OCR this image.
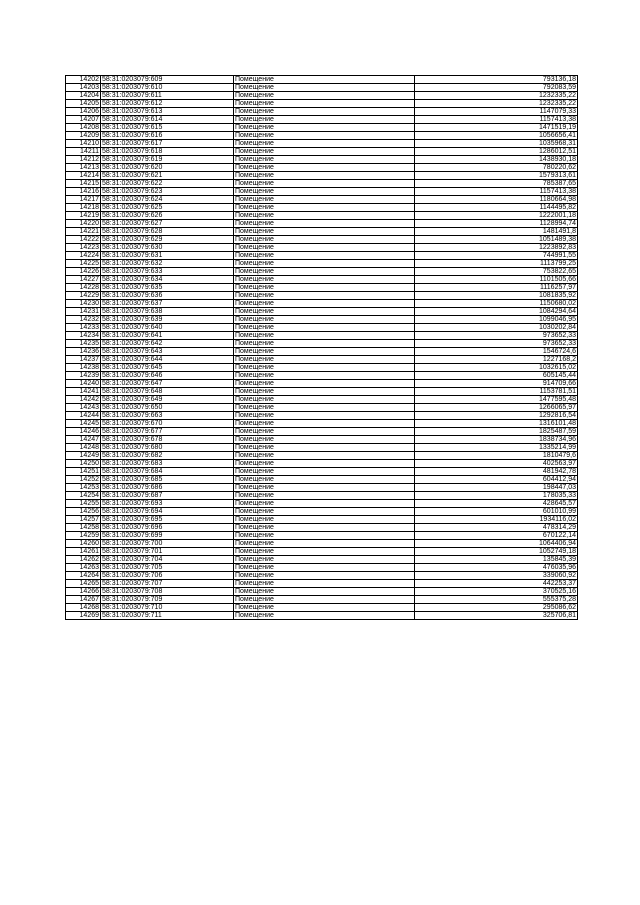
14202	58:31:0203079:609	Помещение	793136,18
14203	58:31:0203079:610	Помещение	792083,59
14204	58:31:0203079:611	Помещение	1232335,22
14205	58:31:0203079:612	Помещение	1232335,22
14206	58:31:0203079:613	Помещение	1147079,33
14207	58:31:0203079:614	Помещение	1157413,38
14208	58:31:0203079:615	Помещение	1471519,19
14209	58:31:0203079:616	Помещение	1056656,41
14210	58:31:0203079:617	Помещение	1035968,31
14211	58:31:0203079:618	Помещение	1286012,51
14212	58:31:0203079:619	Помещение	1438930,18
14213	58:31:0203079:620	Помещение	780220,62
14214	58:31:0203079:621	Помещение	1579313,61
14215	58:31:0203079:622	Помещение	785387,65
14216	58:31:0203079:623	Помещение	1157413,38
14217	58:31:0203079:624	Помещение	1180664,98
14218	58:31:0203079:625	Помещение	1144495,82
14219	58:31:0203079:626	Помещение	1222001,18
14220	58:31:0203079:627	Помещение	1128994,74
14221	58:31:0203079:628	Помещение	1481491,8
14222	58:31:0203079:629	Помещение	1051489,38
14223	58:31:0203079:630	Помещение	1223892,83
14224	58:31:0203079:631	Помещение	744991,55
14225	58:31:0203079:632	Помещение	1113799,25
14226	58:31:0203079:633	Помещение	753822,65
14227	58:31:0203079:634	Помещение	1101505,66
14228	58:31:0203079:635	Помещение	1116257,97
14229	58:31:0203079:636	Помещение	1081835,92
14230	58:31:0203079:637	Помещение	1150680,02
14231	58:31:0203079:638	Помещение	1084294,64
14232	58:31:0203079:639	Помещение	1099046,95
14233	58:31:0203079:640	Помещение	1030202,84
14234	58:31:0203079:641	Помещение	973652,33
14235	58:31:0203079:642	Помещение	973652,33
14236	58:31:0203079:643	Помещение	1546724,6
14237	58:31:0203079:644	Помещение	1227168,2
14238	58:31:0203079:645	Помещение	1032615,02
14239	58:31:0203079:646	Помещение	605145,44
14240	58:31:0203079:647	Помещение	914709,66
14241	58:31:0203079:648	Помещение	1153781,51
14242	58:31:0203079:649	Помещение	1477595,48
14243	58:31:0203079:650	Помещение	1266065,97
14244	58:31:0203079:663	Помещение	1292816,54
14245	58:31:0203079:670	Помещение	1316101,48
14246	58:31:0203079:677	Помещение	1825487,59
14247	58:31:0203079:678	Помещение	1838734,96
14248	58:31:0203079:680	Помещение	1335214,99
14249	58:31:0203079:682	Помещение	1810479,6
14250	58:31:0203079:683	Помещение	402563,97
14251	58:31:0203079:684	Помещение	481942,78
14252	58:31:0203079:685	Помещение	604412,94
14253	58:31:0203079:686	Помещение	198447,03
14254	58:31:0203079:687	Помещение	178035,33
14255	58:31:0203079:693	Помещение	428645,57
14256	58:31:0203079:694	Помещение	601010,99
14257	58:31:0203079:695	Помещение	1934116,02
14258	58:31:0203079:696	Помещение	478314,29
14259	58:31:0203079:699	Помещение	670122,14
14260	58:31:0203079:700	Помещение	1064406,94
14261	58:31:0203079:701	Помещение	1052749,18
14262	58:31:0203079:704	Помещение	135845,39
14263	58:31:0203079:705	Помещение	476035,96
14264	58:31:0203079:706	Помещение	339060,92
14265	58:31:0203079:707	Помещение	442253,37
14266	58:31:0203079:708	Помещение	370525,16
14267	58:31:0203079:709	Помещение	555375,28
14268	58:31:0203079:710	Помещение	295086,62
14269	58:31:0203079:711	Помещение	325706,81
